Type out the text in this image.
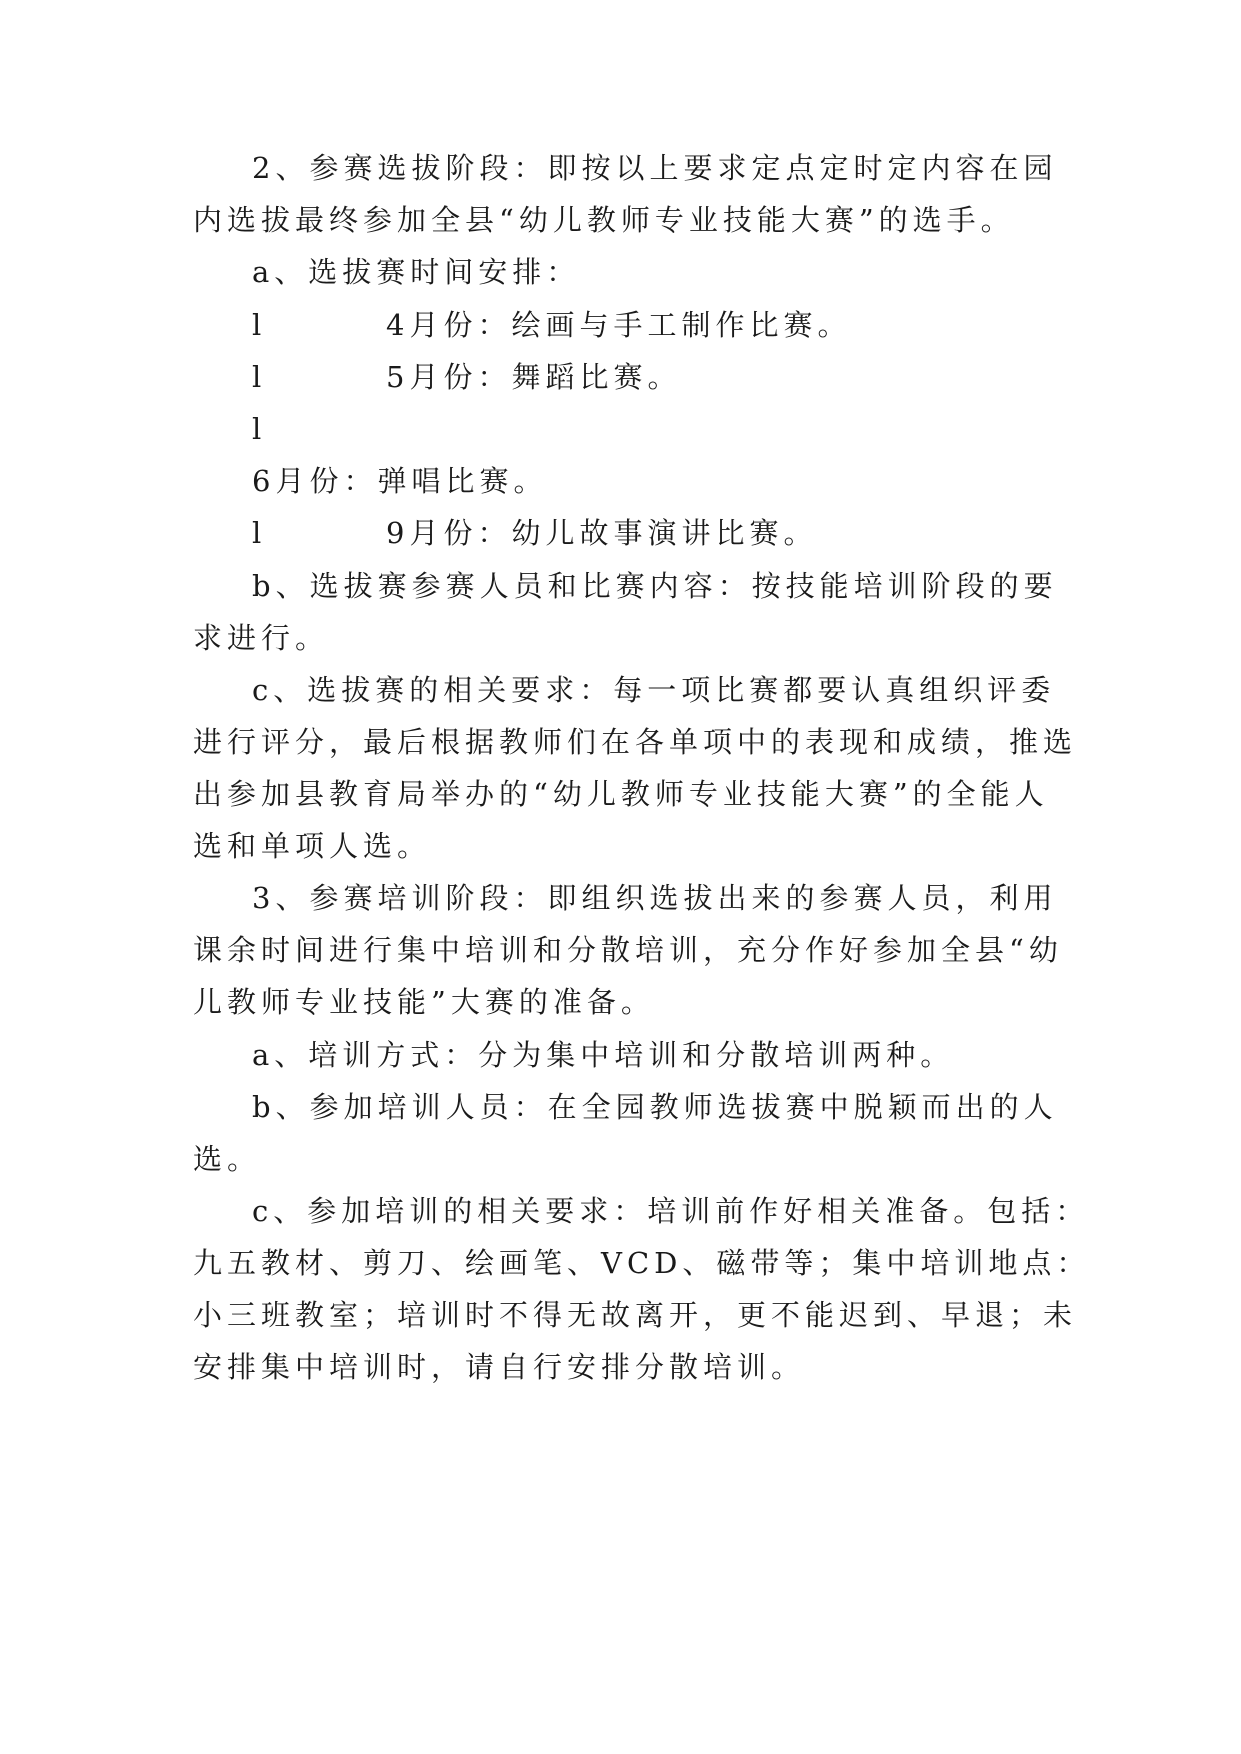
2、参赛选拔阶段：即按以上要求定点定时定内容在园
内选拔最终参加全县“幼儿教师专业技能大赛”的选手。
a、选拔赛时间安排：
l	4月份：绘画与手工制作比赛。
l	5月份：舞蹈比赛。
l
6月份：弹唱比赛。
l	9月份：幼儿故事演讲比赛。
b、选拔赛参赛人员和比赛内容：按技能培训阶段的要
求进行。
c、选拔赛的相关要求：每一项比赛都要认真组织评委
进行评分，最后根据教师们在各单项中的表现和成绩，推选
出参加县教育局举办的“幼儿教师专业技能大赛”的全能人
选和单项人选。
3、参赛培训阶段：即组织选拔出来的参赛人员，利用
课余时间进行集中培训和分散培训，充分作好参加全县“幼
儿教师专业技能”大赛的准备。
a、培训方式：分为集中培训和分散培训两种。
b、参加培训人员：在全园教师选拔赛中脱颖而出的人
选。
c、参加培训的相关要求：培训前作好相关准备。包括：
九五教材、剪刀、绘画笔、VCD、磁带等；集中培训地点：
小三班教室；培训时不得无故离开，更不能迟到、早退；未
安排集中培训时，请自行安排分散培训。
